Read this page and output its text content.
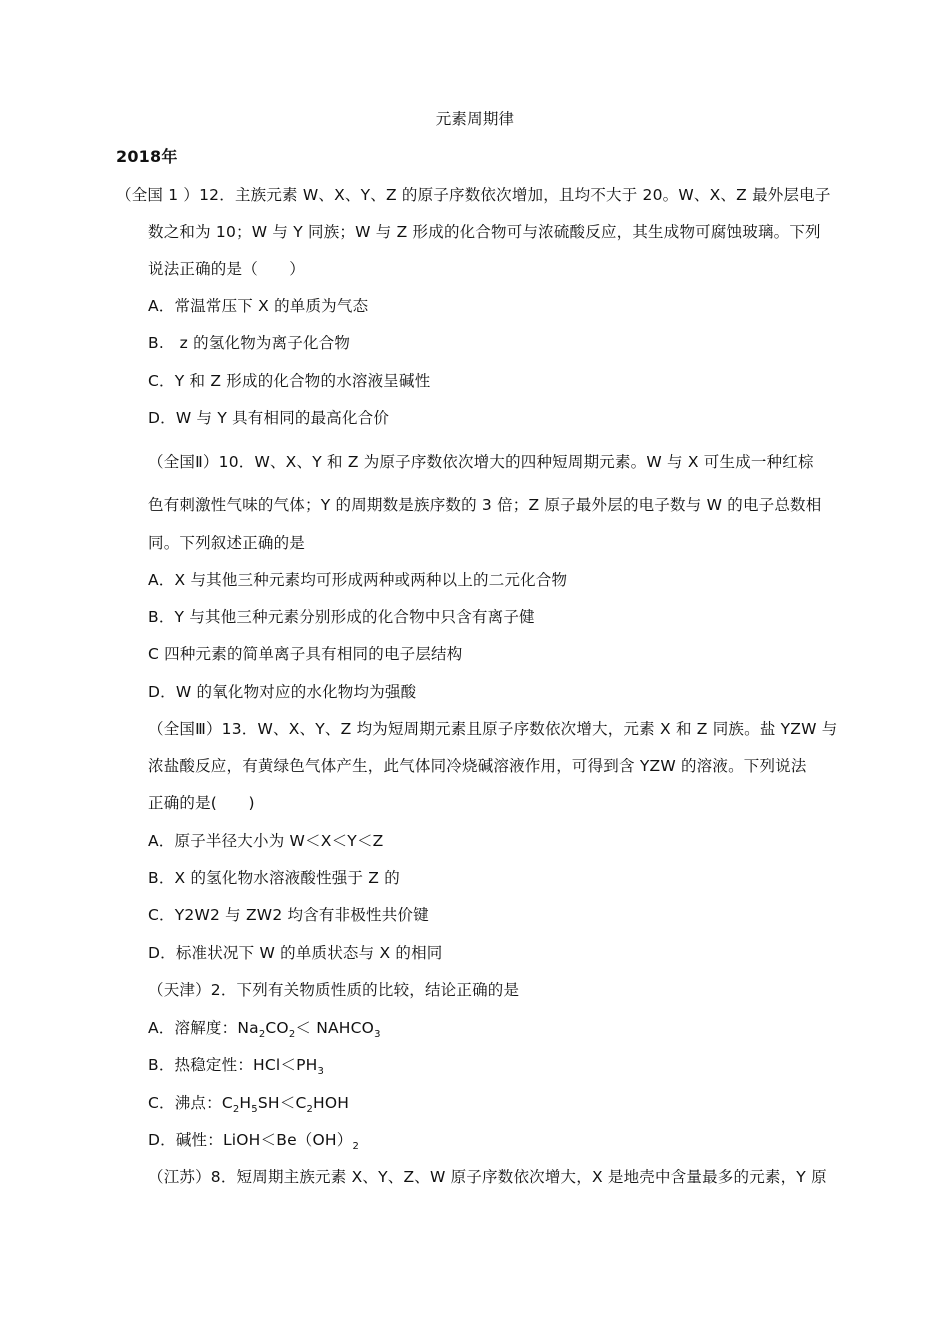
元素周期律
2018年
（全国 1 ）12．主族元素 W、X、Y、Z 的原子序数依次增加，且均不大于 20。W、X、Z 最外层电子
数之和为 10；W 与 Y 同族；W 与 Z 形成的化合物可与浓硫酸反应，其生成物可腐蚀玻璃。下列
说法正确的是（　　）
A．常温常压下 X 的单质为气态
B.　z 的氢化物为离子化合物
C．Y 和 Z 形成的化合物的水溶液呈碱性
D．W 与 Y 具有相同的最高化合价
（全国Ⅱ）10．W、X、Y 和 Z 为原子序数依次增大的四种短周期元素。W 与 X 可生成一种红棕
色有刺激性气味的气体；Y 的周期数是族序数的 3 倍；Z 原子最外层的电子数与 W 的电子总数相
同。下列叙述正确的是
A．X 与其他三种元素均可形成两种或两种以上的二元化合物
B．Y 与其他三种元素分别形成的化合物中只含有离子健
C 四种元素的简单离子具有相同的电子层结构
D．W 的氧化物对应的水化物均为强酸
（全国Ⅲ）13．W、X、Y、Z 均为短周期元素且原子序数依次增大，元素 X 和 Z 同族。盐 YZW 与
浓盐酸反应，有黄绿色气体产生，此气体同冷烧碱溶液作用，可得到含 YZW 的溶液。下列说法
正确的是(　　)
A．原子半径大小为 W＜X＜Y＜Z
B．X 的氢化物水溶液酸性强于 Z 的
C．Y2W2 与 ZW2 均含有非极性共价键
D．标准状况下 W 的单质状态与 X 的相同
（天津）2．下列有关物质性质的比较，结论正确的是
A．溶解度：$Na_2CO_2<$ $NAHCO_3$
B．热稳定性：$HCl<PH_3$
C．沸点：$C_2H_5SH<C_2HOH$
D．碱性：$LiOH<Be(OH)_2$
（江苏）8．短周期主族元素 X、Y、Z、W 原子序数依次增大，X 是地壳中含量最多的元素，Y 原
